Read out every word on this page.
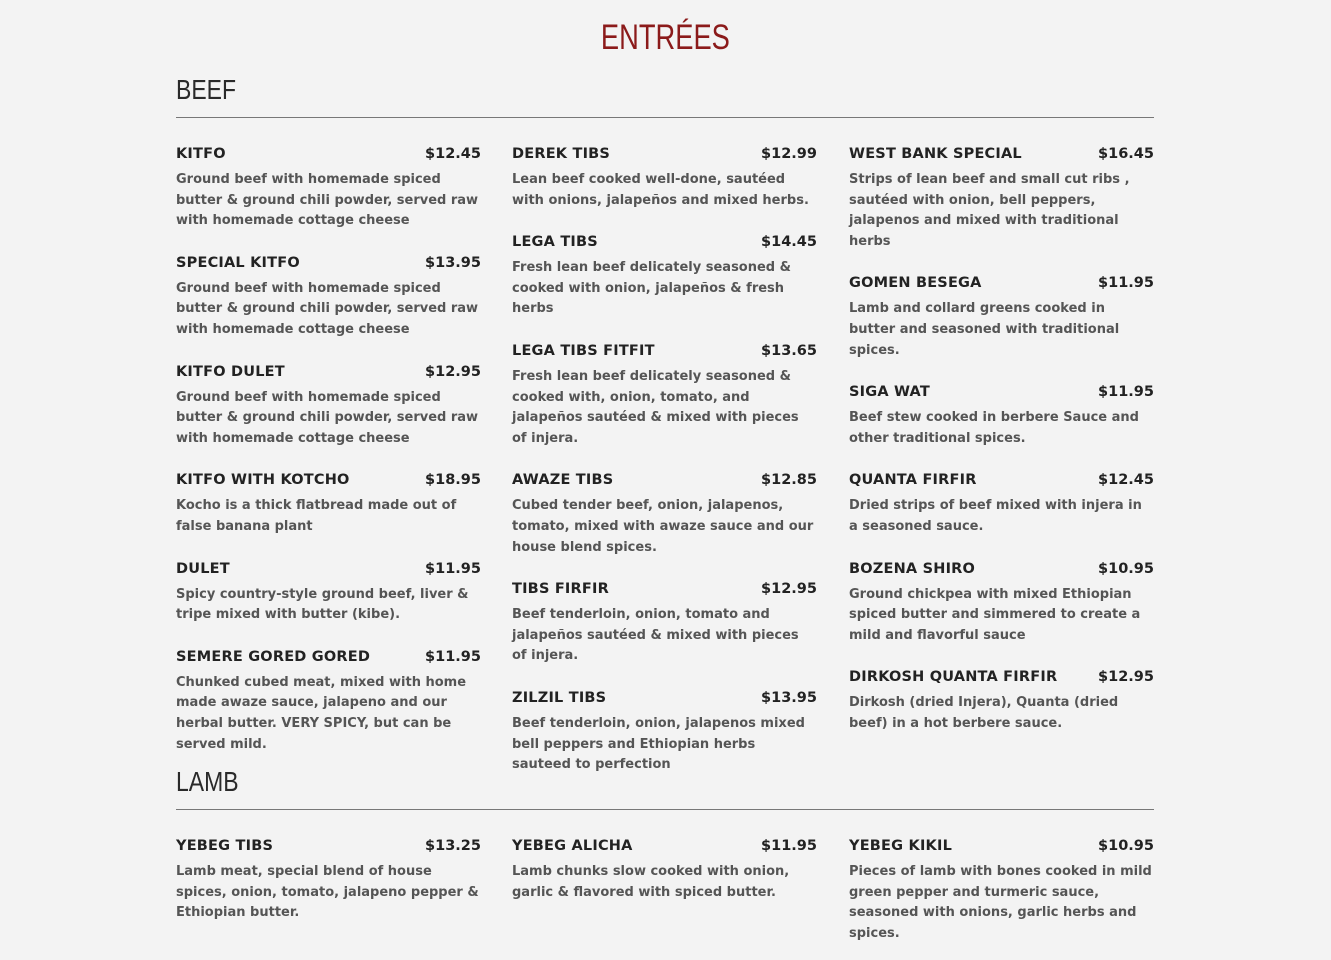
ENTRÉES
BEEF
KITFO	$12.45

Ground beef with homemade spiced butter & ground chili powder, served raw with homemade cottage cheese

SPECIAL KITFO	$13.95

Ground beef with homemade spiced butter & ground chili powder, served raw with homemade cottage cheese

KITFO DULET	$12.95

Ground beef with homemade spiced butter & ground chili powder, served raw with homemade cottage cheese

KITFO WITH KOTCHO	$18.95

Kocho is a thick flatbread made out of false banana plant

DULET	$11.95

Spicy country-style ground beef, liver & tripe mixed with butter (kibe).

SEMERE GORED GORED	$11.95

Chunked cubed meat, mixed with home made awaze sauce, jalapeno and our herbal butter. VERY SPICY, but can be served mild.

DEREK TIBS	$12.99

Lean beef cooked well-done, sautéed with onions, jalapeños and mixed herbs.

LEGA TIBS	$14.45

Fresh lean beef delicately seasoned & cooked with onion, jalapeños & fresh herbs

LEGA TIBS FITFIT	$13.65

Fresh lean beef delicately seasoned & cooked with, onion, tomato, and jalapeños sautéed & mixed with pieces of injera.

AWAZE TIBS	$12.85

Cubed tender beef, onion, jalapenos, tomato, mixed with awaze sauce and our house blend spices.

TIBS FIRFIR	$12.95

Beef tenderloin, onion, tomato and jalapeños sautéed & mixed with pieces of injera.

ZILZIL TIBS	$13.95

Beef tenderloin, onion, jalapenos mixed bell peppers and Ethiopian herbs sauteed to perfection

WEST BANK SPECIAL	$16.45

Strips of lean beef and small cut ribs , sautéed with onion, bell peppers, jalapenos and mixed with traditional herbs

GOMEN BESEGA	$11.95

Lamb and collard greens cooked in butter and seasoned with traditional spices.

SIGA WAT	$11.95

Beef stew cooked in berbere Sauce and other traditional spices.

QUANTA FIRFIR	$12.45

Dried strips of beef mixed with injera in a seasoned sauce.

BOZENA SHIRO	$10.95

Ground chickpea with mixed Ethiopian spiced butter and simmered to create a mild and flavorful sauce

DIRKOSH QUANTA FIRFIR	$12.95

Dirkosh (dried Injera), Quanta (dried beef) in a hot berbere sauce.

LAMB
YEBEG TIBS	$13.25

Lamb meat, special blend of house spices, onion, tomato, jalapeno pepper & Ethiopian butter.

YEBEG ALICHA	$11.95

Lamb chunks slow cooked with onion, garlic & flavored with spiced butter.

YEBEG KIKIL	$10.95

Pieces of lamb with bones cooked in mild green pepper and turmeric sauce, seasoned with onions, garlic herbs and spices.
